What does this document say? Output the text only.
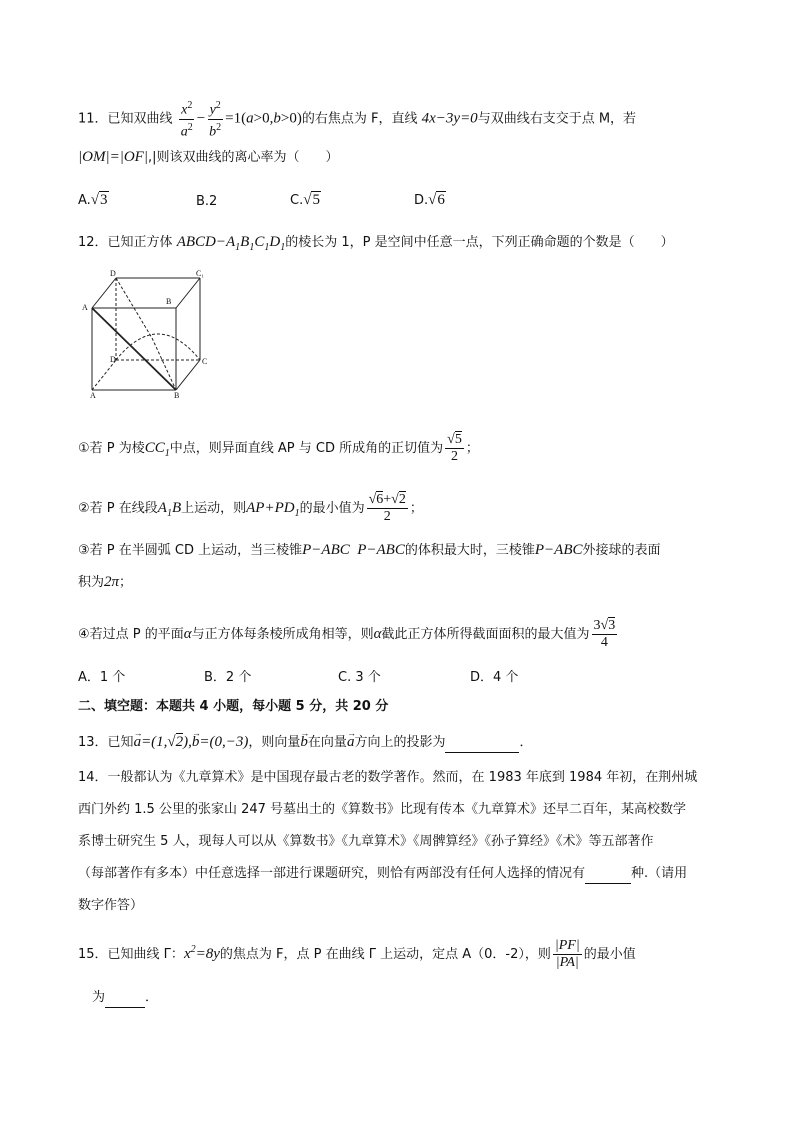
11．已知双曲线 $\frac{x^2}{a^2} - \frac{y^2}{b^2} =1(a>0,b>0)$的右焦点为 F，直线 4x−3y=0与双曲线右支交于点 M，若
|OM|=|OF|,|则该双曲线的离心率为（　　）
A.√3	B.2	C.√5	D.√6
12．已知正方体 $ABCD-A_1B_1C_1D_1$的棱长为 1，P 是空间中任意一点，下列正确命题的个数是（　　）
D	C₁
A
B
D	C
A	B
①若 P 为棱$CC_1$中点，则异面直线 AP 与 CD 所成角的正切值为 $\frac{√5}{2}$ ；
②若 P 在线段$A_1B$上运动，则$AP+PD_1$的最小值为 $\frac{√6+√2}{2}$ ；
③若 P 在半圆弧 CD 上运动，当三棱锥P−ABC  P−ABC的体积最大时，三棱锥P−ABC外接球的表面
积为2π；
④若过点 P 的平面α与正方体每条棱所成角相等，则α截此正方体所得截面面积的最大值为 $\frac{3√3}{4}$
A．1 个	B．2 个	C. 3 个	D．4 个
二、填空题：本题共 4 小题，每小题 5 分，共 20 分
13．已知→ a=(1,√2),→ b=(0,−3)，则向量→ b在向量→ a方向上的投影为	．
14．一般都认为《九章算术》是中国现存最古老的数学著作。然而，在 1983 年底到 1984 年初，在荆州城
西门外约 1.5 公里的张家山 247 号墓出土的《算数书》比现有传本《九章算术》还早二百年，某高校数学
系博士研究生 5 人，现每人可以从《算数书》《九章算术》《周髀算经》《孙子算经》《术》等五部著作
（每部著作有多本）中任意选择一部进行课题研究，则恰有两部没有任何人选择的情况有	种.（请用
数字作答）
15．已知曲线 Γ：$x^2=8y$的焦点为 F，点 P 在曲线 Γ 上运动，定点 A（0．-2），则 $\frac{|PF|}{|PA|}$ 的最小值
为	．
